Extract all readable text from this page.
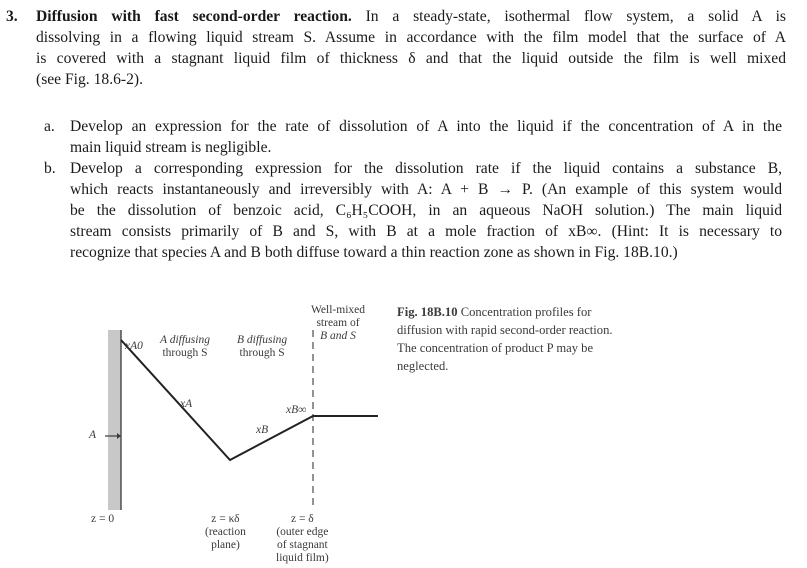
3. Diffusion with fast second-order reaction. In a steady-state, isothermal flow system, a solid A is
dissolving in a flowing liquid stream S. Assume in accordance with the film model that the surface of A
is covered with a stagnant liquid film of thickness δ and that the liquid outside the film is well mixed
(see Fig. 18.6-2).
a. Develop an expression for the rate of dissolution of A into the liquid if the concentration of A in the
main liquid stream is negligible.
b. Develop a corresponding expression for the dissolution rate if the liquid contains a substance B,
which reacts instantaneously and irreversibly with A: A + B → P. (An example of this system would
be the dissolution of benzoic acid, C₆H₅COOH, in an aqueous NaOH solution.) The main liquid
stream consists primarily of B and S, with B at a mole fraction of xB∞. (Hint: It is necessary to
recognize that species A and B both diffuse toward a thin reaction zone as shown in Fig. 18B.10.)
Well-mixed
stream of
B and S
A diffusing
through S
B diffusing
through S
xA0
xA
xB
xB∞
A
z = 0	z = κδ
(reaction
plane)
z = δ
(outer edge
of stagnant
liquid film)
Fig. 18B.10 Concentration profiles for
diffusion with rapid second-order reaction.
The concentration of product P may be
neglected.
